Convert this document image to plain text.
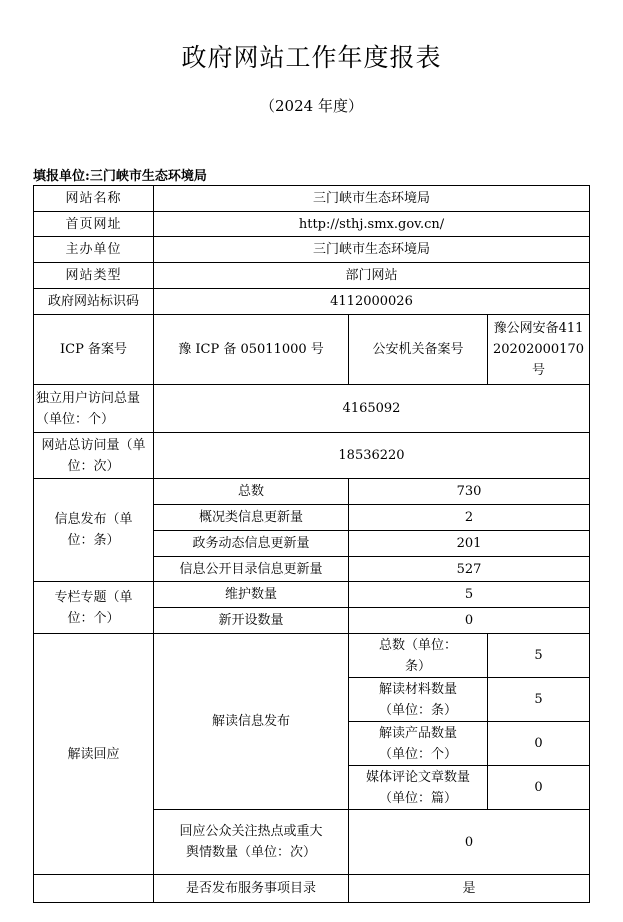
政府网站工作年度报表
（2024 年度）
填报单位:三门峡市生态环境局
网站名称	三门峡市生态环境局		
首页网址	http://sthj.smx.gov.cn/		
主办单位	三门峡市生态环境局		
网站类型	部门网站		
政府网站标识码	4112000026		
ICP 备案号	豫 ICP 备 05011000 号	公安机关备案号	豫公网安备41120202000170 号
独立用户访问总量（单位：个）	4165092		
网站总访问量（单位：次）	18536220		
信息发布（单位：条）	总数	730	
	概况类信息更新量	2	
	政务动态信息更新量	201	
	信息公开目录信息更新量	527	
专栏专题（单位：个）	维护数量	5	
	新开设数量	0	
解读回应	解读信息发布	总数（单位：条）	5
		解读材料数量（单位：条）	5
		解读产品数量（单位：个）	0
		媒体评论文章数量（单位：篇）	0
	回应公众关注热点或重大舆情数量（单位：次）	0	
	是否发布服务事项目录	是	
